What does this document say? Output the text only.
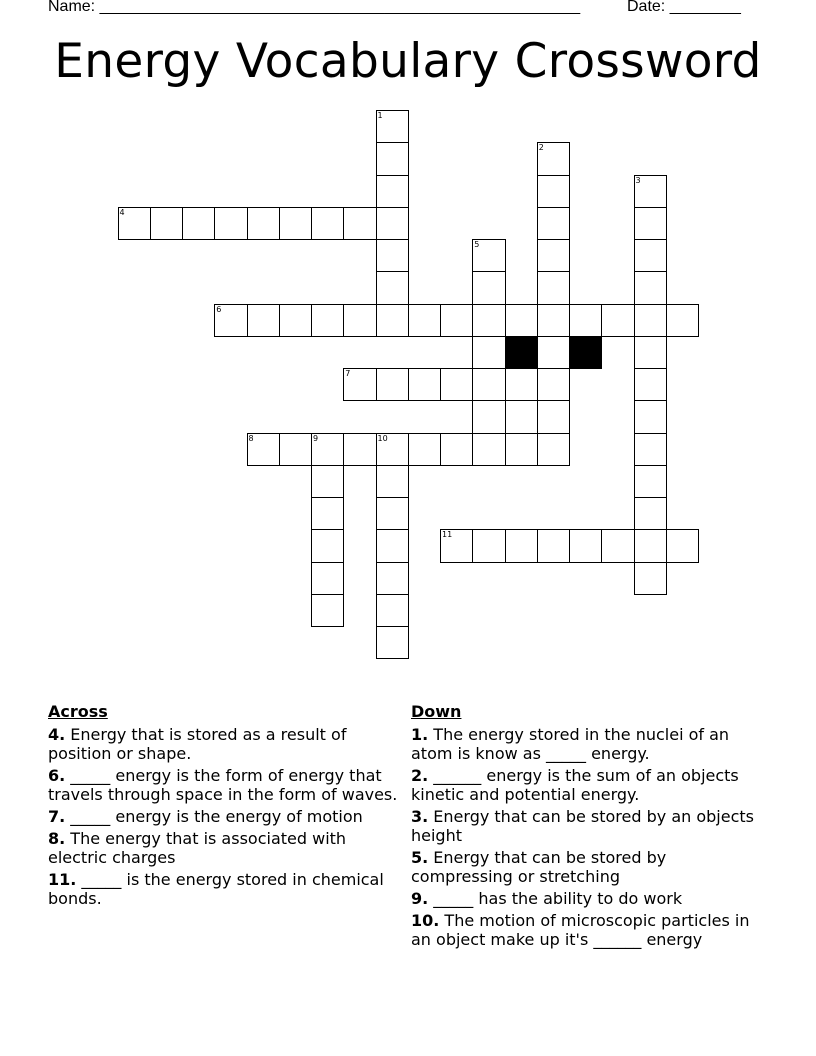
Name: ______________________________________________________	Date: ________
Energy Vocabulary Crossword
1
2
3
4
5
6
7
8	9	10
11
Across
4. Energy that is stored as a result of position or shape.
6. _____ energy is the form of energy that travels through space in the form of waves.
7. _____ energy is the energy of motion
8. The energy that is associated with electric charges
11. _____ is the energy stored in chemical bonds.
Down
1. The energy stored in the nuclei of an atom is know as _____ energy.
2. ______ energy is the sum of an objects kinetic and potential energy.
3. Energy that can be stored by an objects height
5. Energy that can be stored by compressing or stretching
9. _____ has the ability to do work
10. The motion of microscopic particles in an object make up it's ______ energy
